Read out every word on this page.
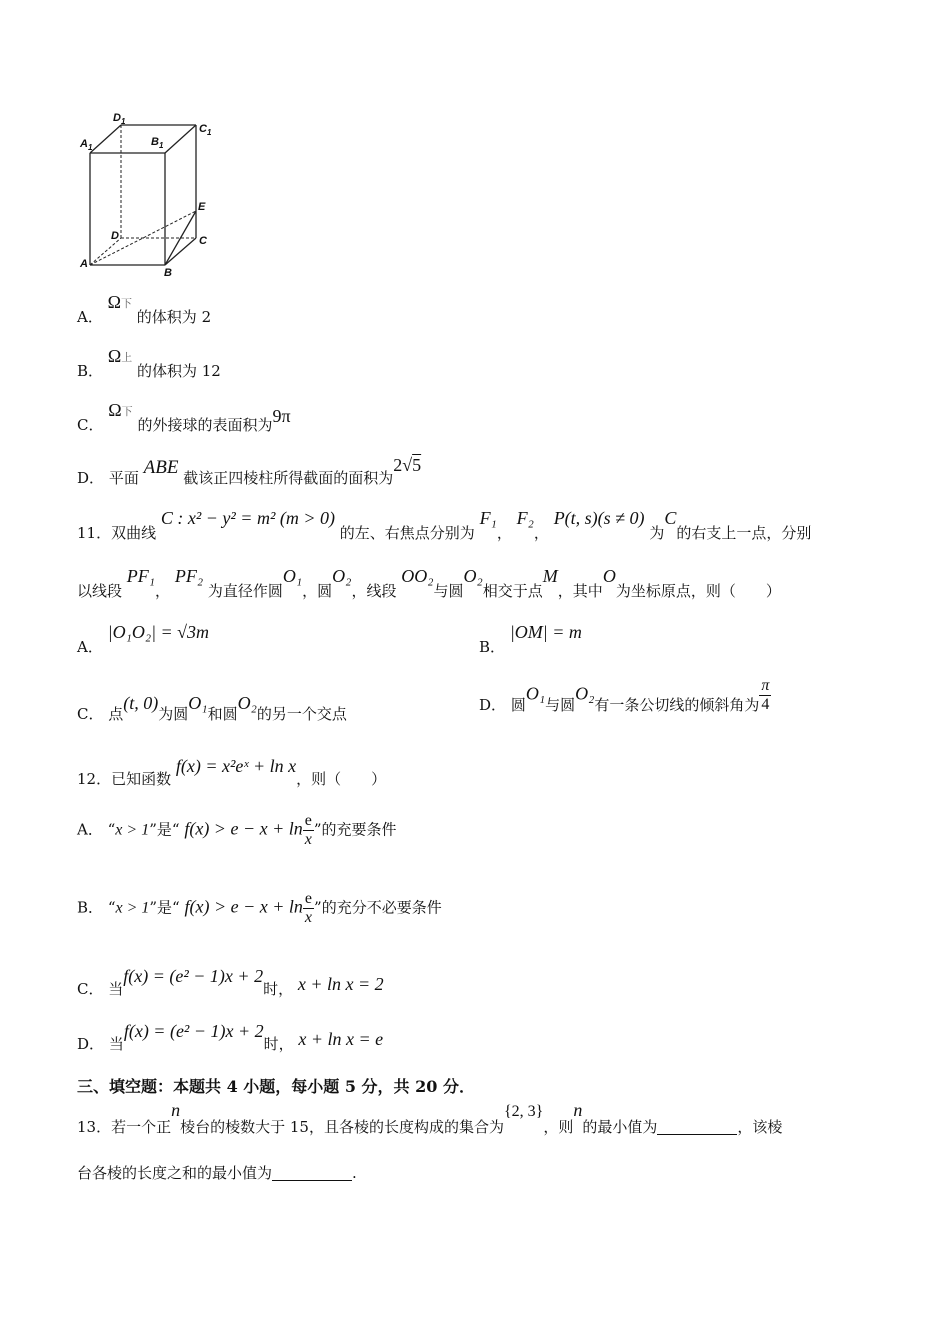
$A_1$
$D_1$
$B_1$
$C_1$
E
D	C
A
B
A． $\Omega_下$ 的体积为 2
B． $\Omega_上$ 的体积为 12
C． $\Omega_下$ 的外接球的表面积为9π
D． 平面 ABE 截该正四棱柱所得截面的面积为2√5
11．双曲线 C : x² − y² = m² (m > 0) 的左、右焦点分别为 F₁， F₂， P(t, s)(s ≠ 0) 为C的右支上一点，分别
以线段 PF₁， PF₂ 为直径作圆O₁，圆O₂，线段 OO₂与圆O₂相交于点M，其中O为坐标原点，则（　　）
A． |O₁O₂| = √3m
B． |OM| = m
C． 点(t, 0)为圆O₁和圆O₂的另一个交点
D． 圆O₁与圆O₂有一条公切线的倾斜角为 $\frac{\pi}{4}$
12．已知函数 f(x) = x²eˣ + ln x，则（　　）
A． “x > 1”是“ $f(x) > e - x + \ln \frac{e}{x}$ ”的充要条件
B． “x > 1”是“ $f(x) > e - x + \ln \frac{e}{x}$ ”的充分不必要条件
C． 当f(x) = (e² − 1)x + 2时， x + ln x = 2
D． 当f(x) = (e² − 1)x + 2时， x + ln x = e
三、填空题：本题共 4 小题，每小题 5 分，共 20 分．
13．若一个正n棱台的棱数大于 15，且各棱的长度构成的集合为{2, 3}，则n的最小值为	，该棱
台各棱的长度之和的最小值为	.
